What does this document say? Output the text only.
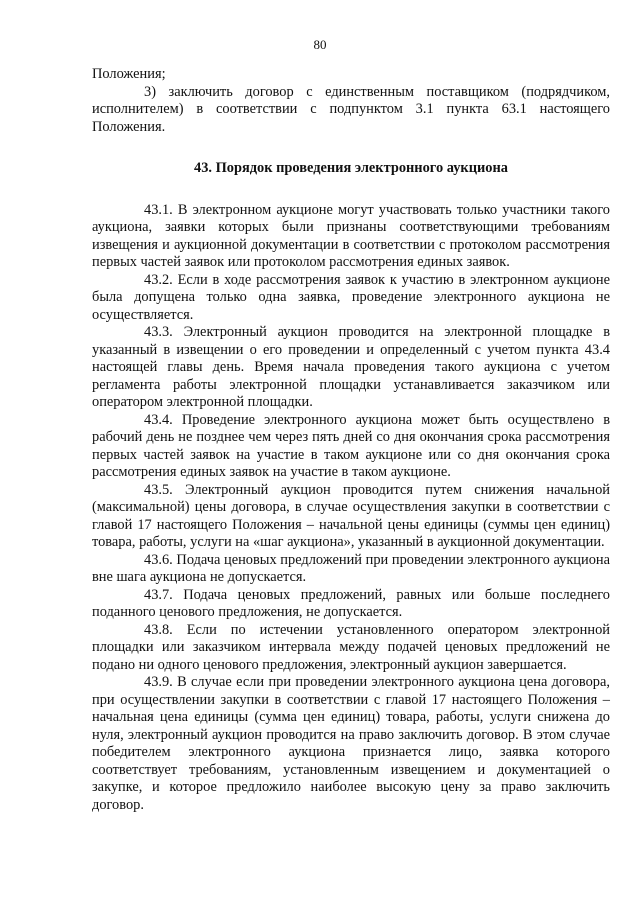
80

Положения;

3) заключить договор с единственным поставщиком (подрядчиком, исполнителем) в соответствии с подпунктом 3.1 пункта 63.1 настоящего Положения.

43. Порядок проведения электронного аукциона

43.1. В электронном аукционе могут участвовать только участники такого аукциона, заявки которых были признаны соответствующими требованиям извещения и аукционной документации в соответствии с протоколом рассмотрения первых частей заявок или протоколом рассмотрения единых заявок.

43.2. Если в ходе рассмотрения заявок к участию в электронном аукционе была допущена только одна заявка, проведение электронного аукциона не осуществляется.

43.3. Электронный аукцион проводится на электронной площадке в указанный в извещении о его проведении и определенный с учетом пункта 43.4 настоящей главы день. Время начала проведения такого аукциона с учетом регламента работы электронной площадки устанавливается заказчиком или оператором электронной площадки.

43.4. Проведение электронного аукциона может быть осуществлено в рабочий день не позднее чем через пять дней со дня окончания срока рассмотрения первых частей заявок на участие в таком аукционе или со дня окончания срока рассмотрения единых заявок на участие в таком аукционе.

43.5. Электронный аукцион проводится путем снижения начальной (максимальной) цены договора, в случае осуществления закупки в соответствии с главой 17 настоящего Положения – начальной цены единицы (суммы цен единиц) товара, работы, услуги на «шаг аукциона», указанный в аукционной документации.

43.6. Подача ценовых предложений при проведении электронного аукциона вне шага аукциона не допускается.

43.7. Подача ценовых предложений, равных или больше последнего поданного ценового предложения, не допускается.

43.8. Если по истечении установленного оператором электронной площадки или заказчиком интервала между подачей ценовых предложений не подано ни одного ценового предложения, электронный аукцион завершается.

43.9. В случае если при проведении электронного аукциона цена договора, при осуществлении закупки в соответствии с главой 17 настоящего Положения – начальная цена единицы (сумма цен единиц) товара, работы, услуги снижена до нуля, электронный аукцион проводится на право заключить договор. В этом случае победителем электронного аукциона признается лицо, заявка которого соответствует требованиям, установленным извещением и документацией о закупке, и которое предложило наиболее высокую цену за право заключить договор.
